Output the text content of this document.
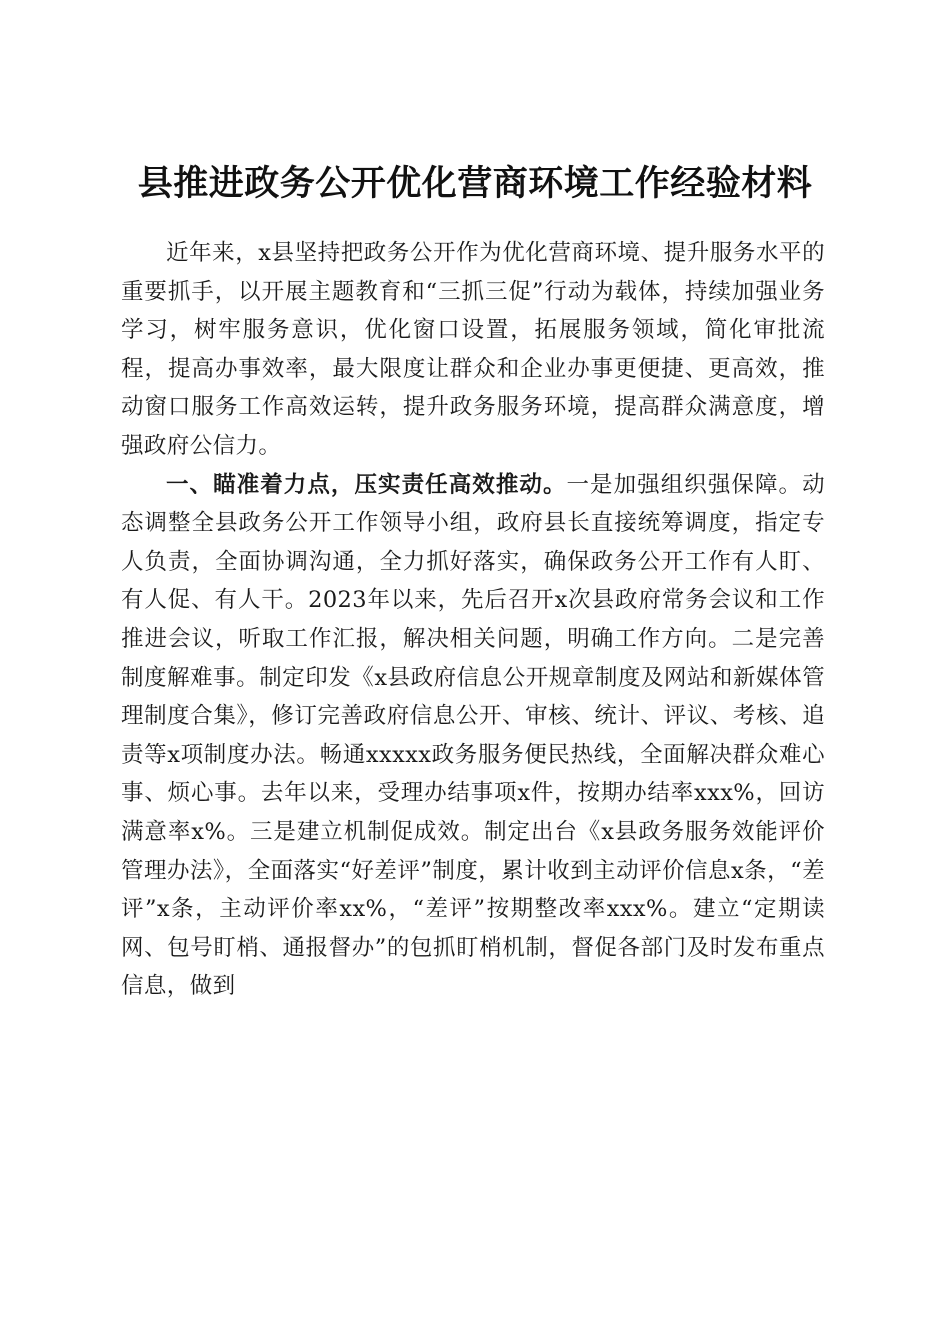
县推进政务公开优化营商环境工作经验材料

近年来，x县坚持把政务公开作为优化营商环境、提升服务水平的重要抓手，以开展主题教育和“三抓三促”行动为载体，持续加强业务学习，树牢服务意识，优化窗口设置，拓展服务领域，简化审批流程，提高办事效率，最大限度让群众和企业办事更便捷、更高效，推动窗口服务工作高效运转，提升政务服务环境，提高群众满意度，增强政府公信力。

一、瞄准着力点，压实责任高效推动。一是加强组织强保障。动态调整全县政务公开工作领导小组，政府县长直接统筹调度，指定专人负责，全面协调沟通，全力抓好落实，确保政务公开工作有人盯、有人促、有人干。2023年以来，先后召开x次县政府常务会议和工作推进会议，听取工作汇报，解决相关问题，明确工作方向。二是完善制度解难事。制定印发《x县政府信息公开规章制度及网站和新媒体管理制度合集》，修订完善政府信息公开、审核、统计、评议、考核、追责等x项制度办法。畅通xxxxx政务服务便民热线，全面解决群众难心事、烦心事。去年以来，受理办结事项x件，按期办结率xxx%，回访满意率x%。三是建立机制促成效。制定出台《x县政务服务效能评价管理办法》，全面落实“好差评”制度，累计收到主动评价信息x条，“差评”x条，主动评价率xx%，“差评”按期整改率xxx%。建立“定期读网、包号盯梢、通报督办”的包抓盯梢机制，督促各部门及时发布重点信息，做到
